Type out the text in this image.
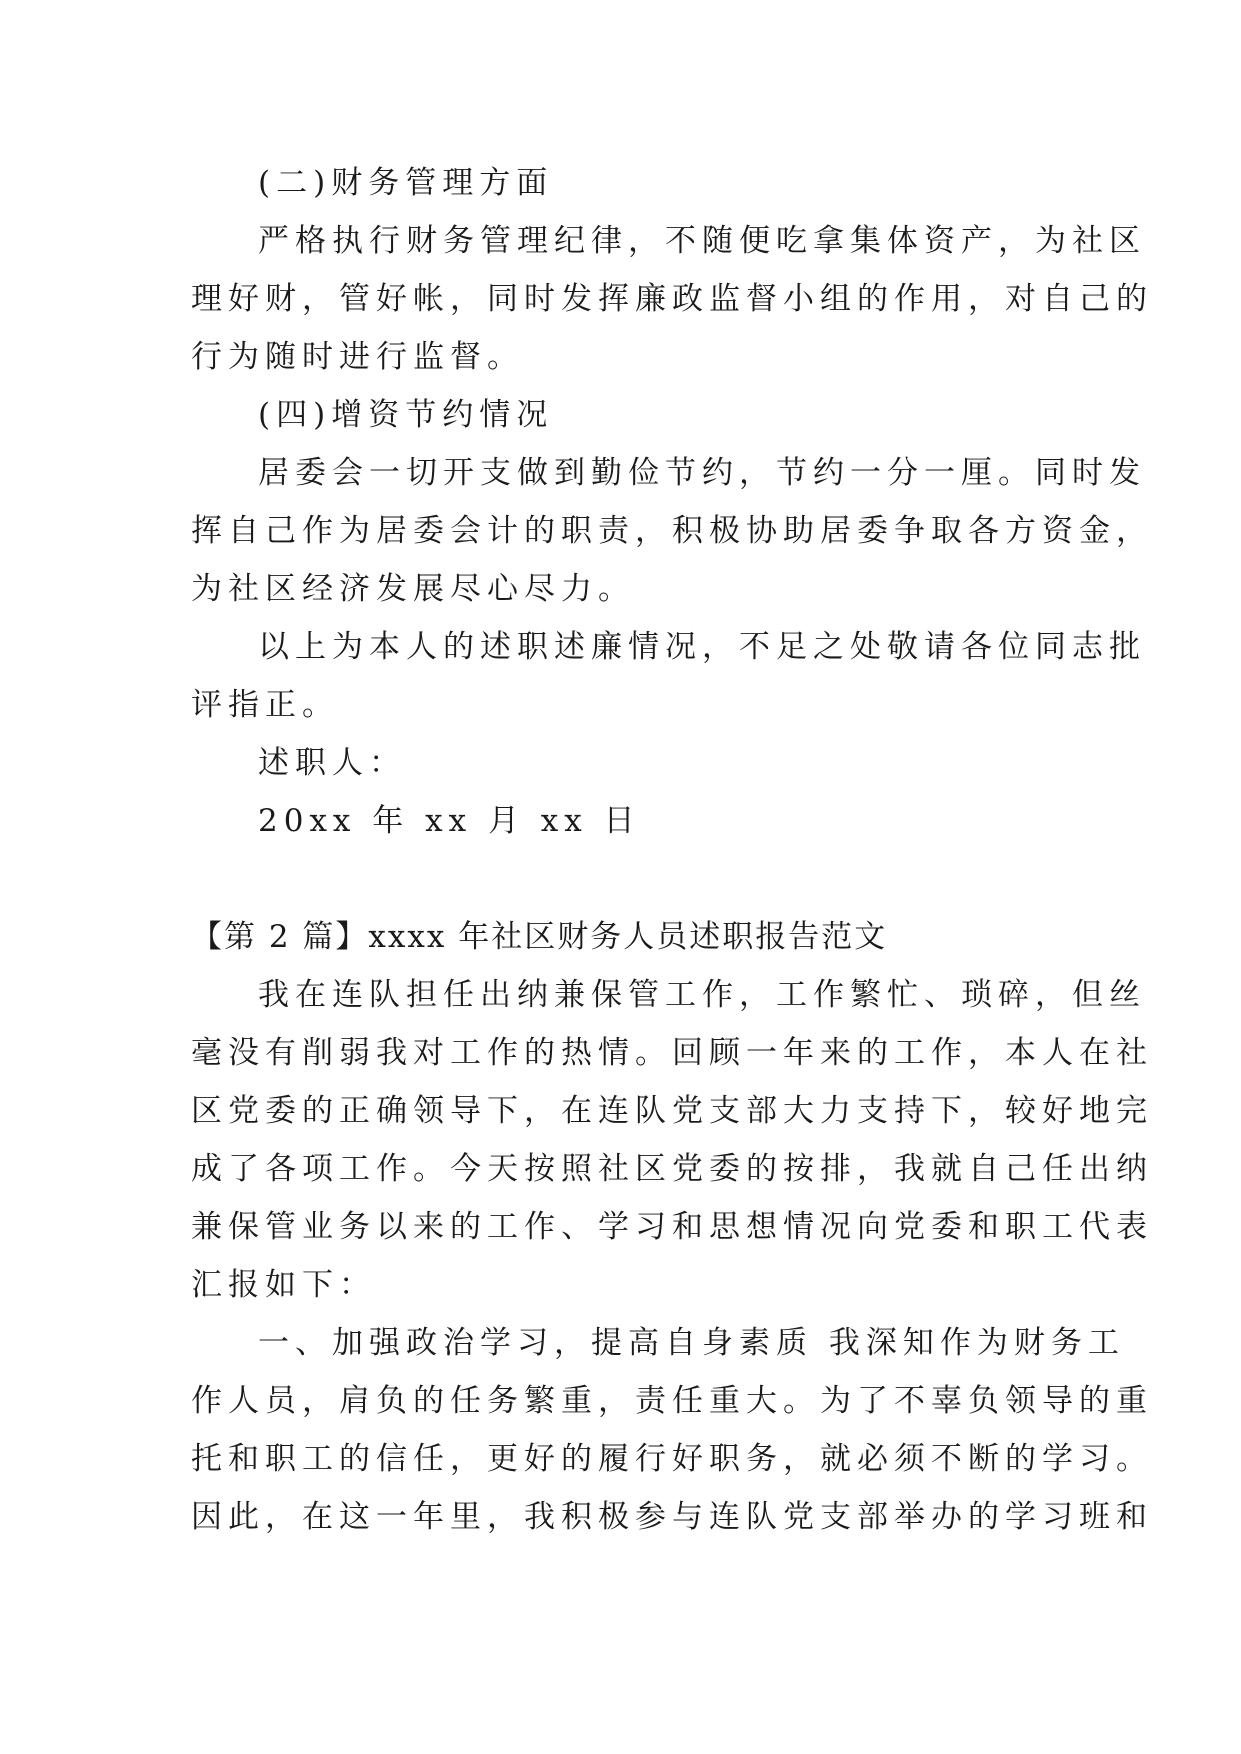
(二)财务管理方面
严格执行财务管理纪律，不随便吃拿集体资产，为社区
理好财，管好帐，同时发挥廉政监督小组的作用，对自己的
行为随时进行监督。
(四)增资节约情况
居委会一切开支做到勤俭节约，节约一分一厘。同时发
挥自己作为居委会计的职责，积极协助居委争取各方资金，
为社区经济发展尽心尽力。
以上为本人的述职述廉情况，不足之处敬请各位同志批
评指正。
述职人：
20xx 年 xx 月 xx 日
【第 2 篇】xxxx 年社区财务人员述职报告范文
我在连队担任出纳兼保管工作，工作繁忙、琐碎，但丝
毫没有削弱我对工作的热情。回顾一年来的工作，本人在社
区党委的正确领导下，在连队党支部大力支持下，较好地完
成了各项工作。今天按照社区党委的按排，我就自己任出纳
兼保管业务以来的工作、学习和思想情况向党委和职工代表
汇报如下：
一、加强政治学习，提高自身素质 我深知作为财务工
作人员，肩负的任务繁重，责任重大。为了不辜负领导的重
托和职工的信任，更好的履行好职务，就必须不断的学习。
因此，在这一年里，我积极参与连队党支部举办的学习班和
